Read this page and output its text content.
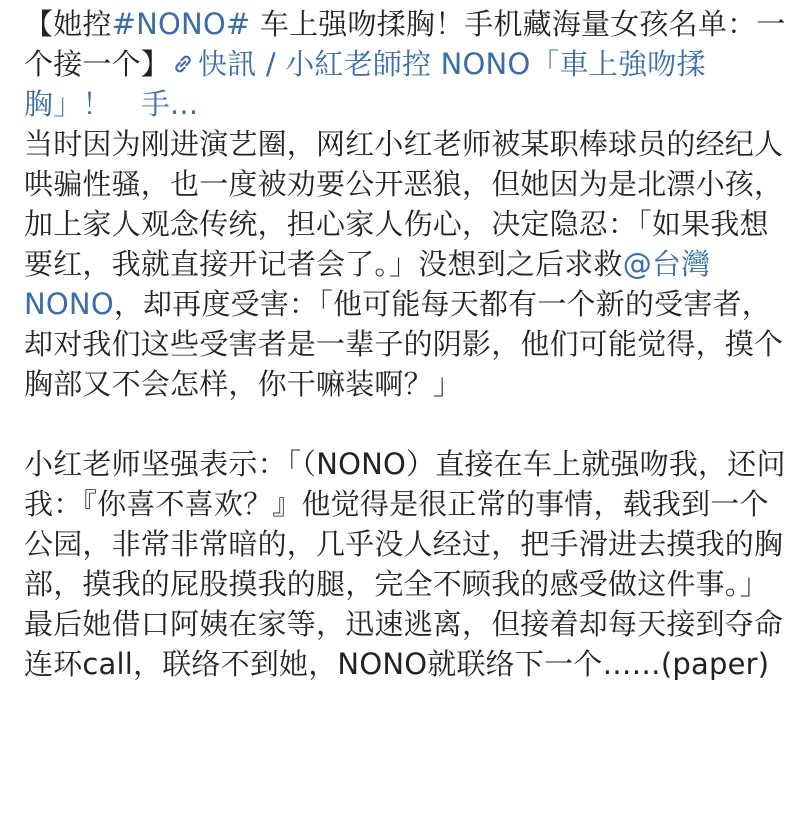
【她控#NONO# 车上强吻揉胸！手机藏海量女孩名单：一个接一个】 快訊 / 小紅老師控 NONO「車上強吻揉胸」！　手...

当时因为刚进演艺圈，网红小红老师被某职棒球员的经纪人哄骗性骚，也一度被劝要公开恶狼，但她因为是北漂小孩，加上家人观念传统，担心家人伤心，决定隐忍：「如果我想要红，我就直接开记者会了。」没想到之后求救@台灣NONO，却再度受害：「他可能每天都有一个新的受害者，却对我们这些受害者是一辈子的阴影，他们可能觉得，摸个胸部又不会怎样，你干嘛装啊？」

小红老师坚强表示：「（NONO）直接在车上就强吻我，还问我：『你喜不喜欢？』他觉得是很正常的事情，载我到一个公园，非常非常暗的，几乎没人经过，把手滑进去摸我的胸部，摸我的屁股摸我的腿，完全不顾我的感受做这件事。」最后她借口阿姨在家等，迅速逃离，但接着却每天接到夺命连环call，联络不到她，NONO就联络下一个……(paper)
